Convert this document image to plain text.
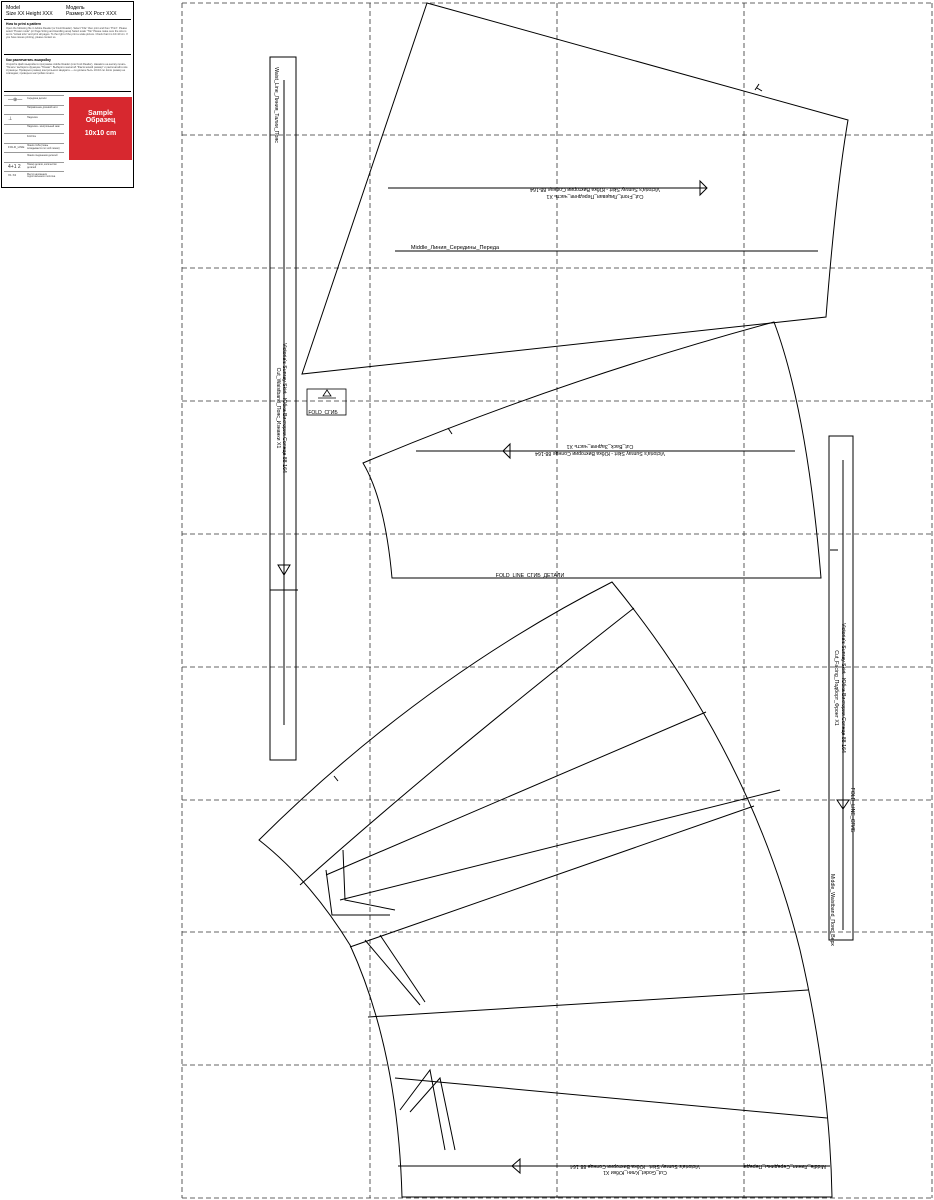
Model
Size XX Height XXX
Модель
Размер XX Рост XXX
How to print a pattern
Open the following file in Adobe Reader (or Foxit Reader). Select "File" then print and then "Print". Please select "Poster mode" (or Page Sizing and Handling area) Select scale "Tile" Please make sure the size is set to "Actual size" and print all pages. To the right of the print a scale picture. Check that it is 10×10 cm. If you have issues printing, please contact us.
Как распечатать выкройку
Откройте файл выкройки в программе Adobe Reader (или Foxit Reader). Нажмите на кнопку печать "Печать" выберите функцию "Плакат". Выберите масштаб "Фактический размер" и распечатайте все страницы. Проверьте размер контрольного квадрата — он должен быть 10×10 см. Если размер не совпадает, проверьте настройки печати.
—⊕— Середина детали
Направление долевой нити
⊥	Надсечка
Надсечка - контрольный знак
Fold line
FOLD_LINE Линия сгиба (ткань складывается по этой линии)
Линия соединения деталей
4+1 2	Номер детали, количество деталей
X1 X2	Место наложения подготовленного полотна
Sample
Образец
10x10 cm
Victoria's Sunray Skirt - Юбка Виктории Солнце 88-164
Cut_Front_Лицевая_Передняя_часть X1
Middle_Линия_Середины_Переда
Victoria's Sunray Skirt - Юбка Виктории Солнце 88-164
Cut_Back_Задняя_часть X1
FOLD_СГИБ
FOLD_LINE_СГИБ_ДЕТАЛИ
Victoria's Sunray Skirt - Юбка Виктории Солнце 88-164
Cut_Waistband_Пояс_Изнанки X1
Waist_Line_Линия_Талии_Пояс
Victoria's Sunray Skirt - Юбка Виктории Солнце 88-164
Cut_Facing_Подборт_Фронт X1
FOLD_LINE_СГИБ
Middle_Waistband_Пояс_Верх
Victoria's Sunray Skirt - Юбка Виктории Солнце 88-164
Cut_Godet_Клин_Юбки X1
Middle_Линия_Середины_Переда
